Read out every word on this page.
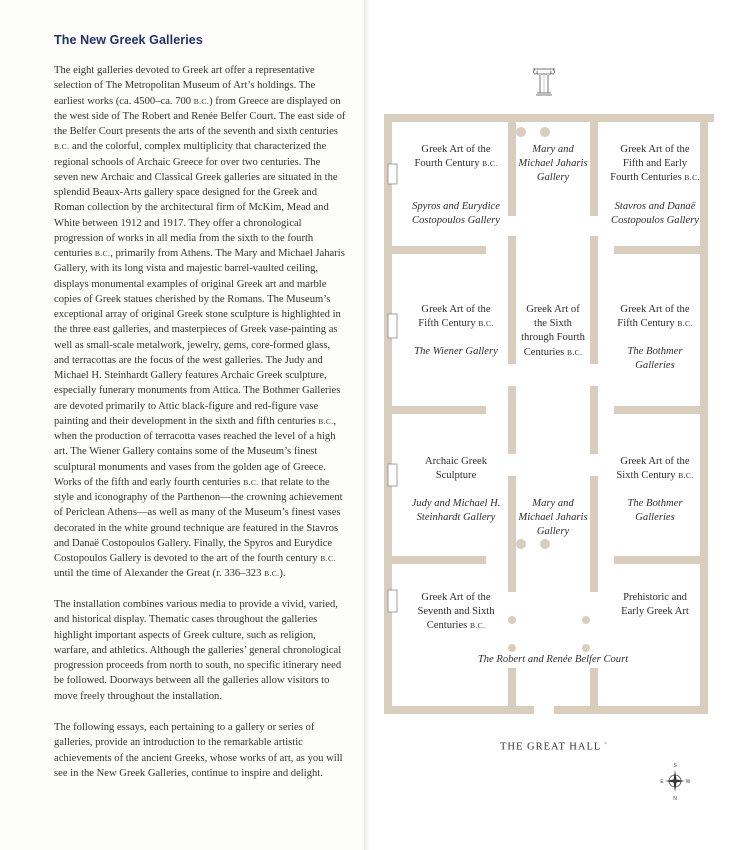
The New Greek Galleries

The eight galleries devoted to Greek art offer a representative selection of The Metropolitan Museum of Art’s holdings. The earliest works (ca. 4500–ca. 700 B.C.) from Greece are displayed on the west side of The Robert and Renée Belfer Court. The east side of the Belfer Court presents the arts of the seventh and sixth centuries B.C. and the colorful, complex multiplicity that characterized the regional schools of Archaic Greece for over two centuries. The seven new Archaic and Classical Greek galleries are situated in the splendid Beaux-Arts gallery space designed for the Greek and Roman collection by the architectural firm of McKim, Mead and White between 1912 and 1917. They offer a chronological progression of works in all media from the sixth to the fourth centuries B.C., primarily from Athens. The Mary and Michael Jaharis Gallery, with its long vista and majestic barrel-vaulted ceiling, displays monumental examples of original Greek art and marble copies of Greek statues cherished by the Romans. The Museum’s exceptional array of original Greek stone sculpture is highlighted in the three east galleries, and masterpieces of Greek vase-painting as well as small-scale metalwork, jewelry, gems, core-formed glass, and terracottas are the focus of the west galleries. The Judy and Michael H. Steinhardt Gallery features Archaic Greek sculpture, especially funerary monuments from Attica. The Bothmer Galleries are devoted primarily to Attic black-figure and red-figure vase painting and their development in the sixth and fifth centuries B.C., when the production of terracotta vases reached the level of a high art. The Wiener Gallery contains some of the Museum’s finest sculptural monuments and vases from the golden age of Greece. Works of the fifth and early fourth centuries B.C. that relate to the style and iconography of the Parthenon—the crowning achievement of Periclean Athens—as well as many of the Museum’s finest vases decorated in the white ground technique are featured in the Stavros and Danaë Costopoulos Gallery. Finally, the Spyros and Eurydice Costopoulos Gallery is devoted to the art of the fourth century B.C. until the time of Alexander the Great (r. 336–323 B.C.).

The installation combines various media to provide a vivid, varied, and historical display. Thematic cases throughout the galleries highlight important aspects of Greek culture, such as religion, warfare, and athletics. Although the galleries’ general chronological progression proceeds from north to south, no specific itinerary need be followed. Doorways between all the galleries allow visitors to move freely throughout the installation.

The following essays, each pertaining to a gallery or series of galleries, provide an introduction to the remarkable artistic achievements of the ancient Greeks, whose works of art, as you will see in the New Greek Galleries, continue to inspire and delight.

Greek Art of the
Fourth Century B.C.
Spyros and Eurydice
Costopoulos Gallery
Mary and
Michael Jaharis
Gallery
Greek Art of the
Fifth and Early
Fourth Centuries B.C.
Stavros and Danaë
Costopoulos Gallery
Greek Art of the
Fifth Century B.C.
The Wiener Gallery
Greek Art of
the Sixth
through Fourth
Centuries B.C.
Greek Art of the
Fifth Century B.C.
The Bothmer
Galleries
Archaic Greek
Sculpture
Judy and Michael H.
Steinhardt Gallery
Mary and
Michael Jaharis
Gallery
Greek Art of the
Sixth Century B.C.
The Bothmer
Galleries
Greek Art of the
Seventh and Sixth
Centuries B.C.
Prehistoric and
Early Greek Art
The Robert and Renée Belfer Court
THE GREAT HALL ⸗
S
E	W
N
